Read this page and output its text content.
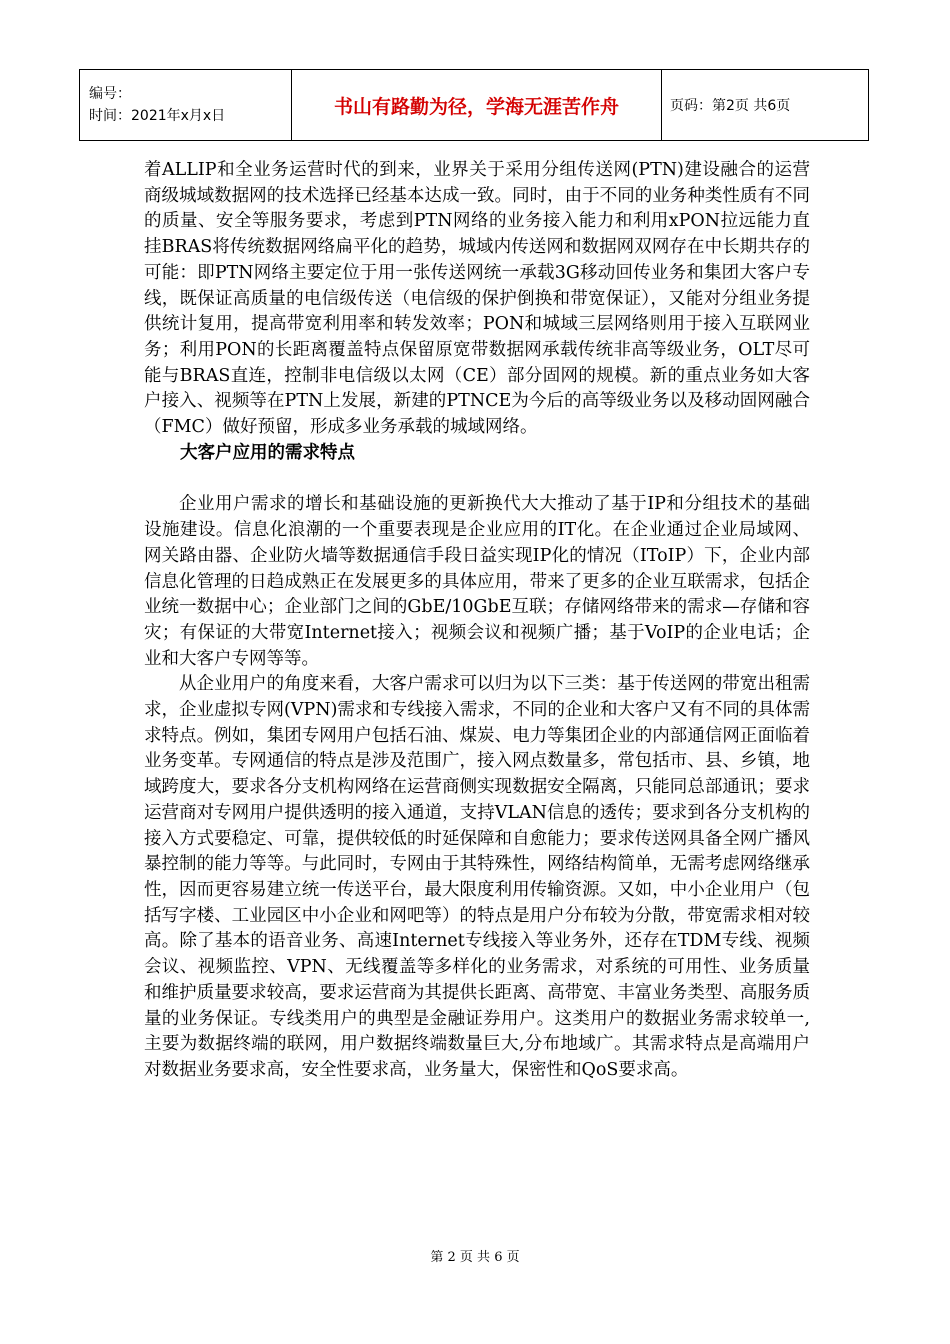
编号：
时间：2021年x月x日	书山有路勤为径，学海无涯苦作舟	页码：第2页 共6页

着ALLIP和全业务运营时代的到来，业界关于采用分组传送网(PTN)建设融合的运营商级城域数据网的技术选择已经基本达成一致。同时，由于不同的业务种类性质有不同的质量、安全等服务要求，考虑到PTN网络的业务接入能力和利用xPON拉远能力直挂BRAS将传统数据网络扁平化的趋势，城域内传送网和数据网双网存在中长期共存的可能：即PTN网络主要定位于用一张传送网统一承载3G移动回传业务和集团大客户专线，既保证高质量的电信级传送（电信级的保护倒换和带宽保证），又能对分组业务提供统计复用，提高带宽利用率和转发效率；PON和城域三层网络则用于接入互联网业务；利用PON的长距离覆盖特点保留原宽带数据网承载传统非高等级业务，OLT尽可能与BRAS直连，控制非电信级以太网（CE）部分固网的规模。新的重点业务如大客户接入、视频等在PTN上发展，新建的PTNCE为今后的高等级业务以及移动固网融合（FMC）做好预留，形成多业务承载的城域网络。

大客户应用的需求特点

企业用户需求的增长和基础设施的更新换代大大推动了基于IP和分组技术的基础设施建设。信息化浪潮的一个重要表现是企业应用的IT化。在企业通过企业局域网、网关路由器、企业防火墙等数据通信手段日益实现IP化的情况（IToIP）下，企业内部信息化管理的日趋成熟正在发展更多的具体应用，带来了更多的企业互联需求，包括企业统一数据中心；企业部门之间的GbE/10GbE互联；存储网络带来的需求—存储和容灾；有保证的大带宽Internet接入；视频会议和视频广播；基于VoIP的企业电话；企业和大客户专网等等。

从企业用户的角度来看，大客户需求可以归为以下三类：基于传送网的带宽出租需求，企业虚拟专网(VPN)需求和专线接入需求，不同的企业和大客户又有不同的具体需求特点。例如，集团专网用户包括石油、煤炭、电力等集团企业的内部通信网正面临着业务变革。专网通信的特点是涉及范围广，接入网点数量多，常包括市、县、乡镇，地域跨度大，要求各分支机构网络在运营商侧实现数据安全隔离，只能同总部通讯；要求运营商对专网用户提供透明的接入通道，支持VLAN信息的透传；要求到各分支机构的接入方式要稳定、可靠，提供较低的时延保障和自愈能力；要求传送网具备全网广播风暴控制的能力等等。与此同时，专网由于其特殊性，网络结构简单，无需考虑网络继承性，因而更容易建立统一传送平台，最大限度利用传输资源。又如，中小企业用户（包括写字楼、工业园区中小企业和网吧等）的特点是用户分布较为分散，带宽需求相对较高。除了基本的语音业务、高速Internet专线接入等业务外，还存在TDM专线、视频会议、视频监控、VPN、无线覆盖等多样化的业务需求，对系统的可用性、业务质量和维护质量要求较高，要求运营商为其提供长距离、高带宽、丰富业务类型、高服务质量的业务保证。专线类用户的典型是金融证券用户。这类用户的数据业务需求较单一,主要为数据终端的联网，用户数据终端数量巨大,分布地域广。其需求特点是高端用户对数据业务要求高，安全性要求高，业务量大，保密性和QoS要求高。

第 2 页 共 6 页
